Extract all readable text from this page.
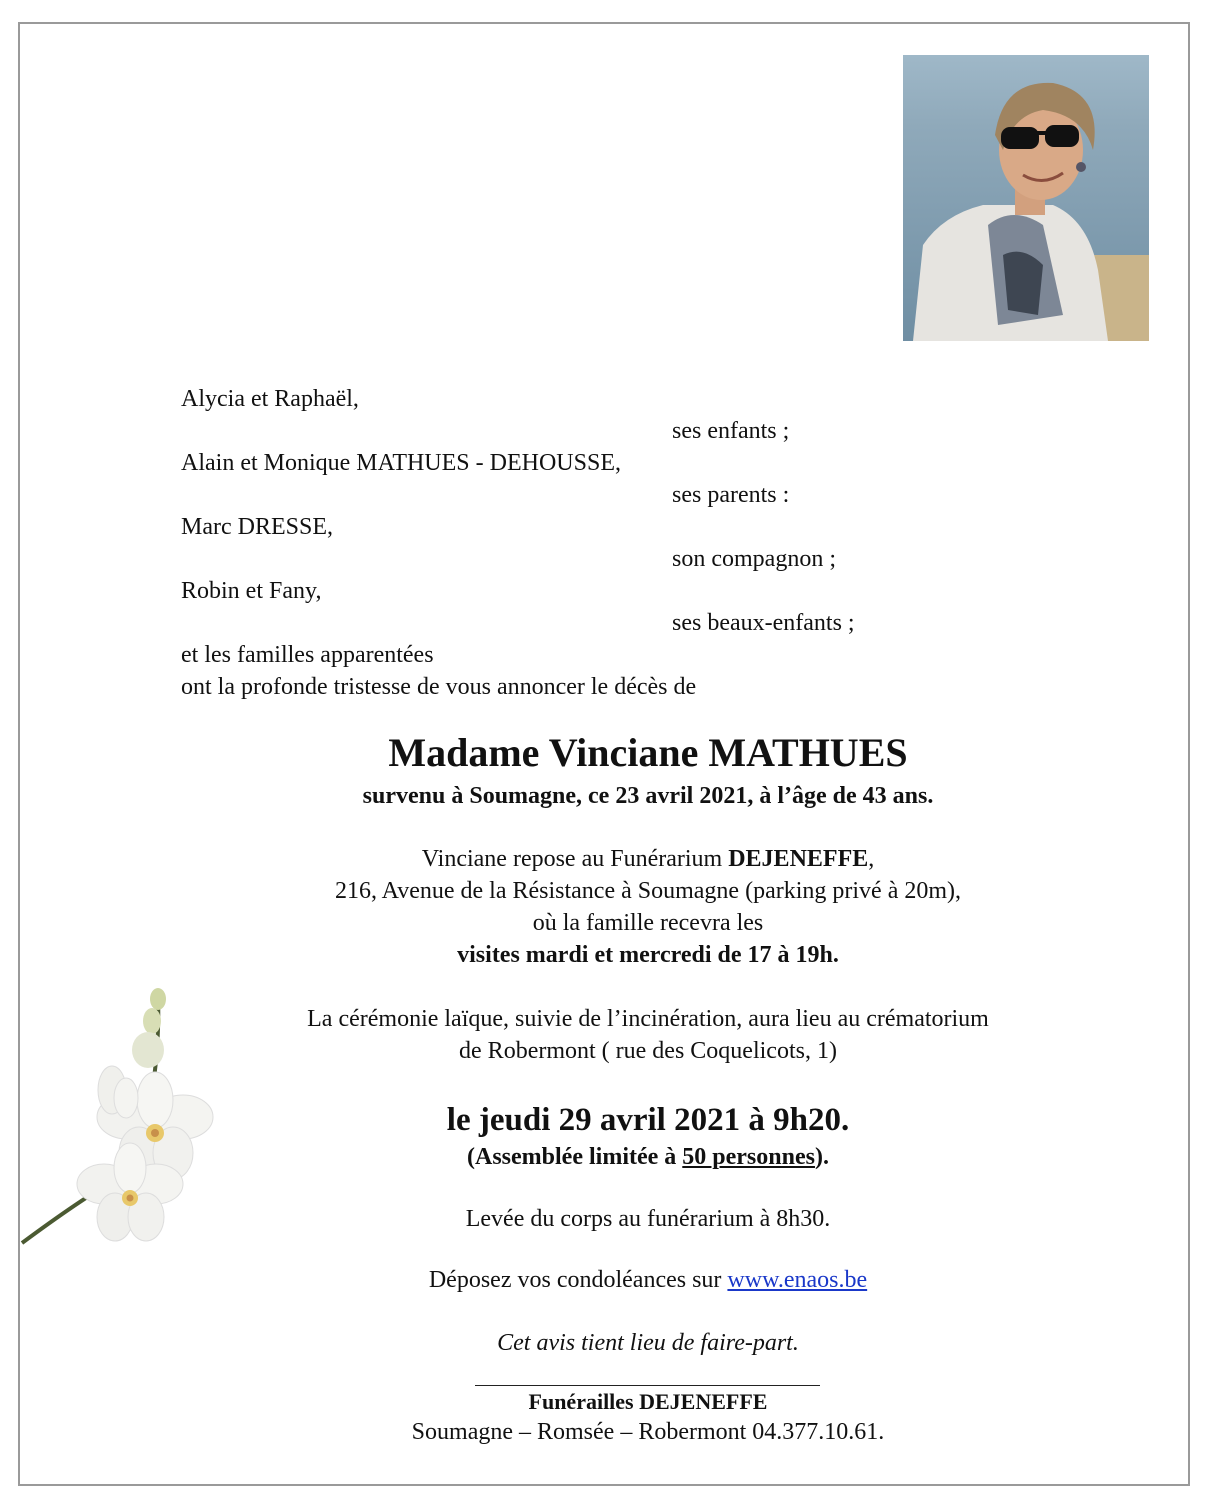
Alycia et Raphaël,
ses enfants ;
Alain et Monique MATHUES - DEHOUSSE,
ses parents :
Marc DRESSE,
son compagnon ;
Robin et Fany,
ses beaux-enfants ;
et les familles apparentées
ont la profonde tristesse de vous annoncer le décès de
Madame Vinciane MATHUES
survenu à Soumagne, ce 23 avril 2021, à l’âge de 43 ans.
Vinciane repose au Funérarium DEJENEFFE,
216, Avenue de la Résistance à Soumagne (parking privé à 20m),
où la famille recevra les
visites mardi et mercredi de 17 à 19h.
La cérémonie laïque, suivie de l’incinération, aura lieu au crématorium
de Robermont ( rue des Coquelicots, 1)
le jeudi 29 avril 2021 à 9h20.
(Assemblée limitée à 50 personnes).
Levée du corps au funérarium à 8h30.
Déposez vos condoléances sur www.enaos.be
Cet avis tient lieu de faire-part.
Funérailles DEJENEFFE
Soumagne – Romsée – Robermont 04.377.10.61.
